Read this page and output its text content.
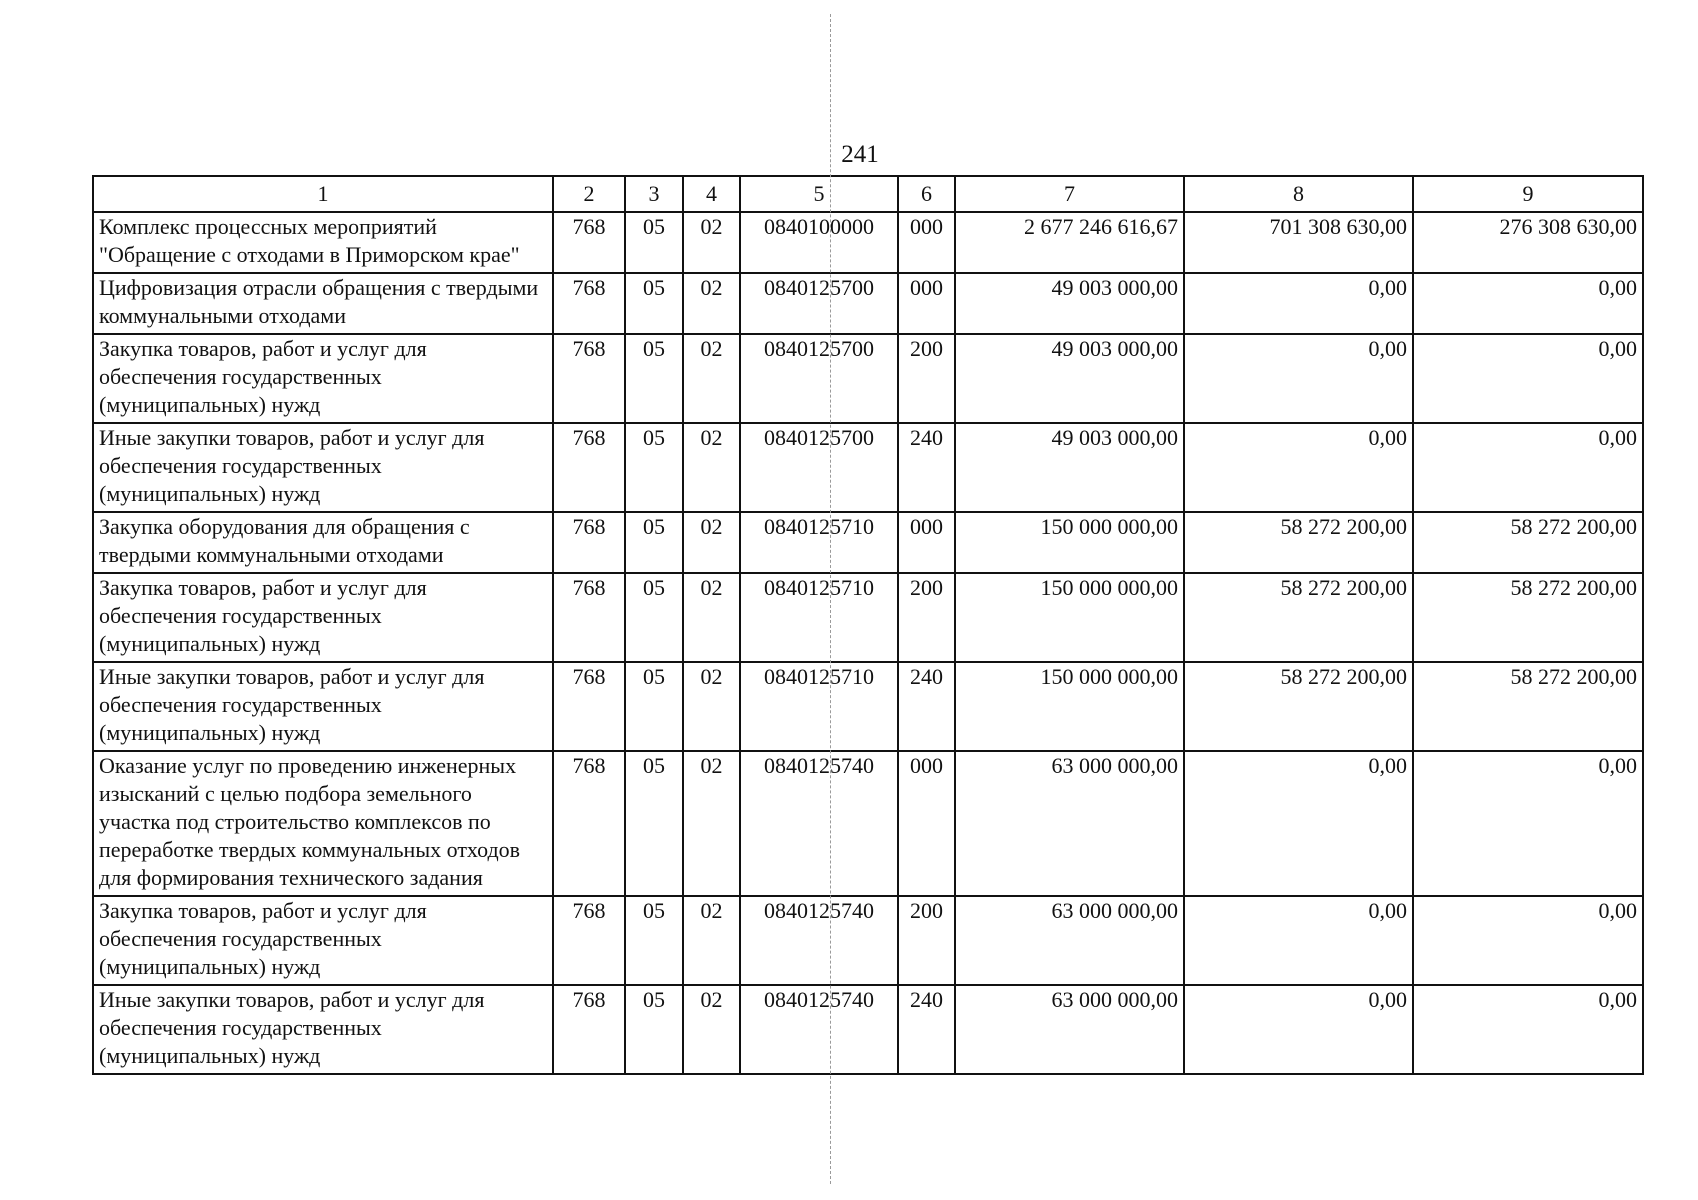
241
1	2	3	4	5	6	7	8	9
Комплекс процессных мероприятий "Обращение с отходами в Приморском крае"	768	05	02	0840100000	000	2 677 246 616,67	701 308 630,00	276 308 630,00
Цифровизация отрасли обращения с твердыми коммунальными отходами	768	05	02	0840125700	000	49 003 000,00	0,00	0,00
Закупка товаров, работ и услуг для обеспечения государственных (муниципальных) нужд	768	05	02	0840125700	200	49 003 000,00	0,00	0,00
Иные закупки товаров, работ и услуг для обеспечения государственных (муниципальных) нужд	768	05	02	0840125700	240	49 003 000,00	0,00	0,00
Закупка оборудования для обращения с твердыми коммунальными отходами	768	05	02	0840125710	000	150 000 000,00	58 272 200,00	58 272 200,00
Закупка товаров, работ и услуг для обеспечения государственных (муниципальных) нужд	768	05	02	0840125710	200	150 000 000,00	58 272 200,00	58 272 200,00
Иные закупки товаров, работ и услуг для обеспечения государственных (муниципальных) нужд	768	05	02	0840125710	240	150 000 000,00	58 272 200,00	58 272 200,00
Оказание услуг по проведению инженерных изысканий с целью подбора земельного участка под строительство комплексов по переработке твердых коммунальных отходов для формирования технического задания	768	05	02	0840125740	000	63 000 000,00	0,00	0,00
Закупка товаров, работ и услуг для обеспечения государственных (муниципальных) нужд	768	05	02	0840125740	200	63 000 000,00	0,00	0,00
Иные закупки товаров, работ и услуг для обеспечения государственных (муниципальных) нужд	768	05	02	0840125740	240	63 000 000,00	0,00	0,00
